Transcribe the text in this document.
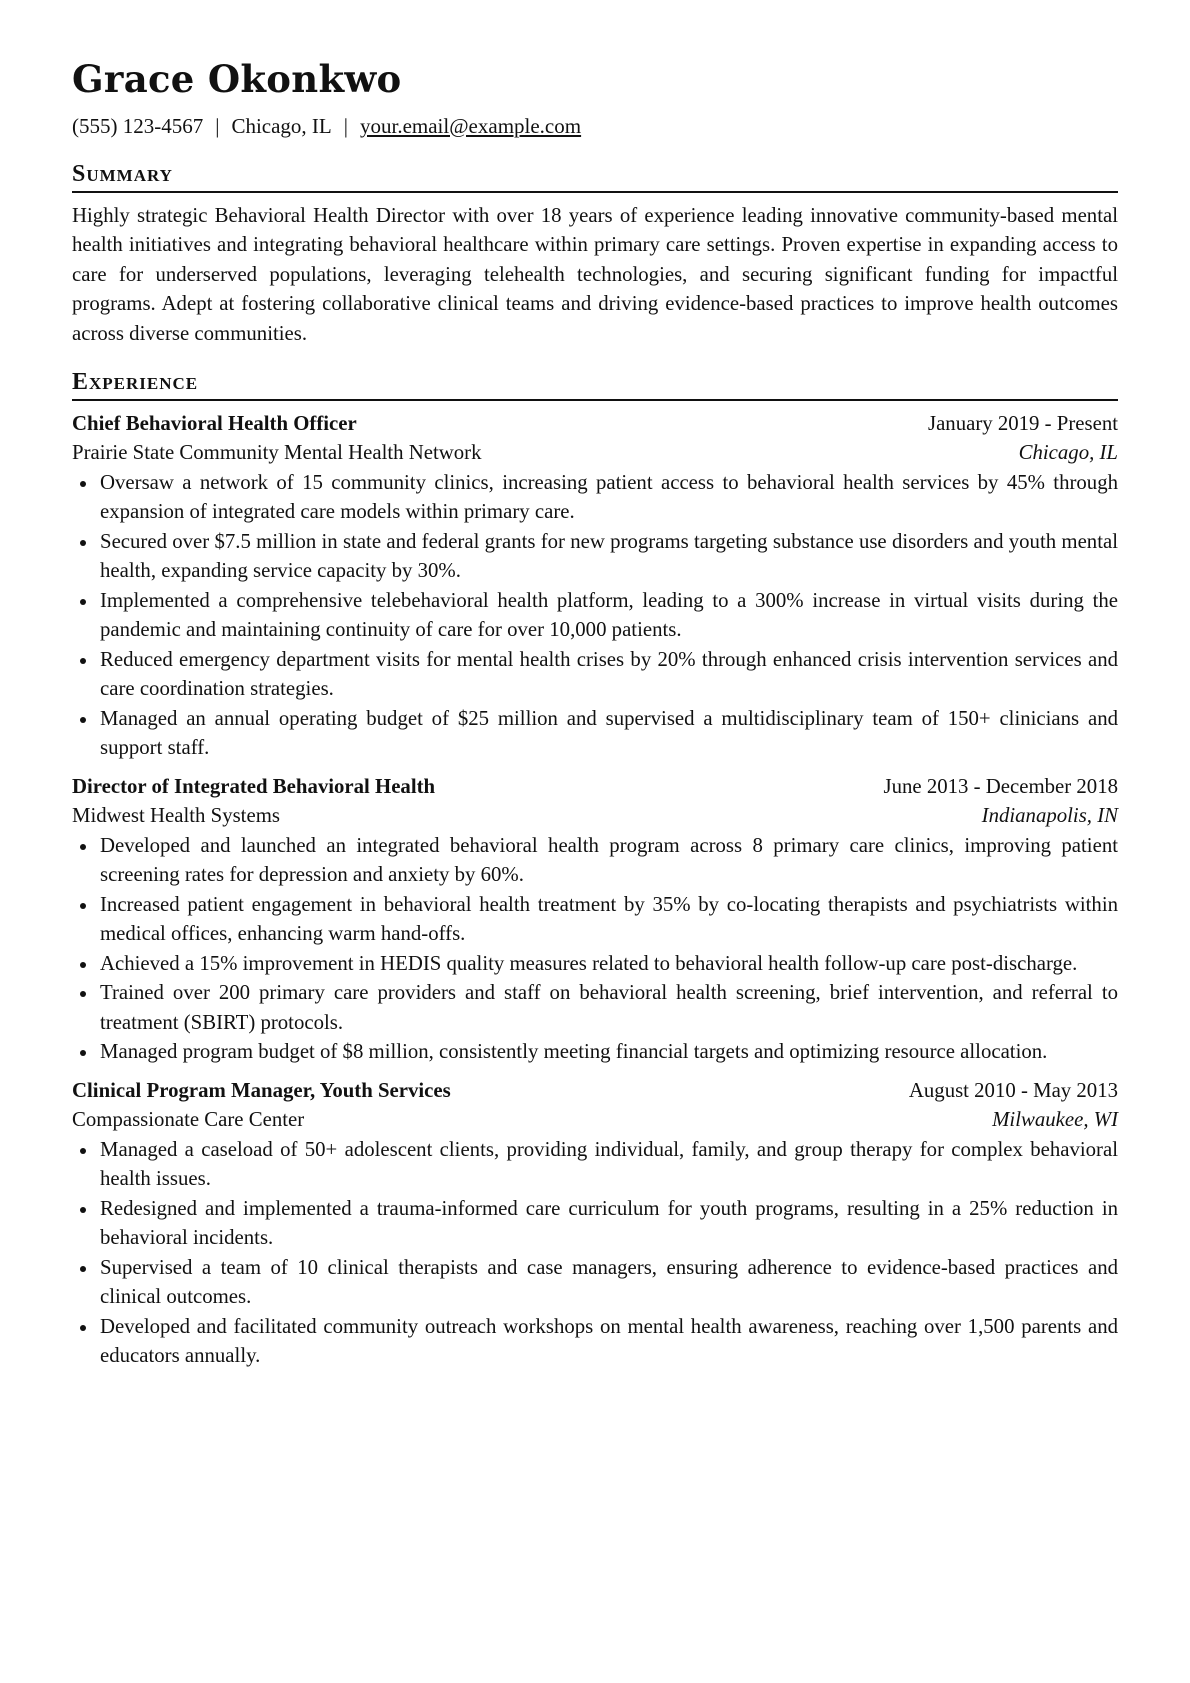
Grace Okonkwo
(555) 123-4567 | Chicago, IL | your.email@example.com
Summary

Highly strategic Behavioral Health Director with over 18 years of experience leading innovative community-based mental health initiatives and integrating behavioral healthcare within primary care settings. Proven expertise in expanding access to care for underserved populations, leveraging telehealth technologies, and securing significant funding for impactful programs. Adept at fostering collaborative clinical teams and driving evidence-based practices to improve health outcomes across diverse communities.

Experience
Chief Behavioral Health Officer	January 2019 - Present
Prairie State Community Mental Health Network	Chicago, IL
Oversaw a network of 15 community clinics, increasing patient access to behavioral health services by 45% through expansion of integrated care models within primary care.
Secured over $7.5 million in state and federal grants for new programs targeting substance use disorders and youth mental health, expanding service capacity by 30%.
Implemented a comprehensive telebehavioral health platform, leading to a 300% increase in virtual visits during the pandemic and maintaining continuity of care for over 10,000 patients.
Reduced emergency department visits for mental health crises by 20% through enhanced crisis intervention services and care coordination strategies.
Managed an annual operating budget of $25 million and supervised a multidisciplinary team of 150+ clinicians and support staff.
Director of Integrated Behavioral Health	June 2013 - December 2018
Midwest Health Systems	Indianapolis, IN
Developed and launched an integrated behavioral health program across 8 primary care clinics, improving patient screening rates for depression and anxiety by 60%.
Increased patient engagement in behavioral health treatment by 35% by co-locating therapists and psychiatrists within medical offices, enhancing warm hand-offs.
Achieved a 15% improvement in HEDIS quality measures related to behavioral health follow-up care post-discharge.
Trained over 200 primary care providers and staff on behavioral health screening, brief intervention, and referral to treatment (SBIRT) protocols.
Managed program budget of $8 million, consistently meeting financial targets and optimizing resource allocation.
Clinical Program Manager, Youth Services	August 2010 - May 2013
Compassionate Care Center	Milwaukee, WI
Managed a caseload of 50+ adolescent clients, providing individual, family, and group therapy for complex behavioral health issues.
Redesigned and implemented a trauma-informed care curriculum for youth programs, resulting in a 25% reduction in behavioral incidents.
Supervised a team of 10 clinical therapists and case managers, ensuring adherence to evidence-based practices and clinical outcomes.
Developed and facilitated community outreach workshops on mental health awareness, reaching over 1,500 parents and educators annually.
